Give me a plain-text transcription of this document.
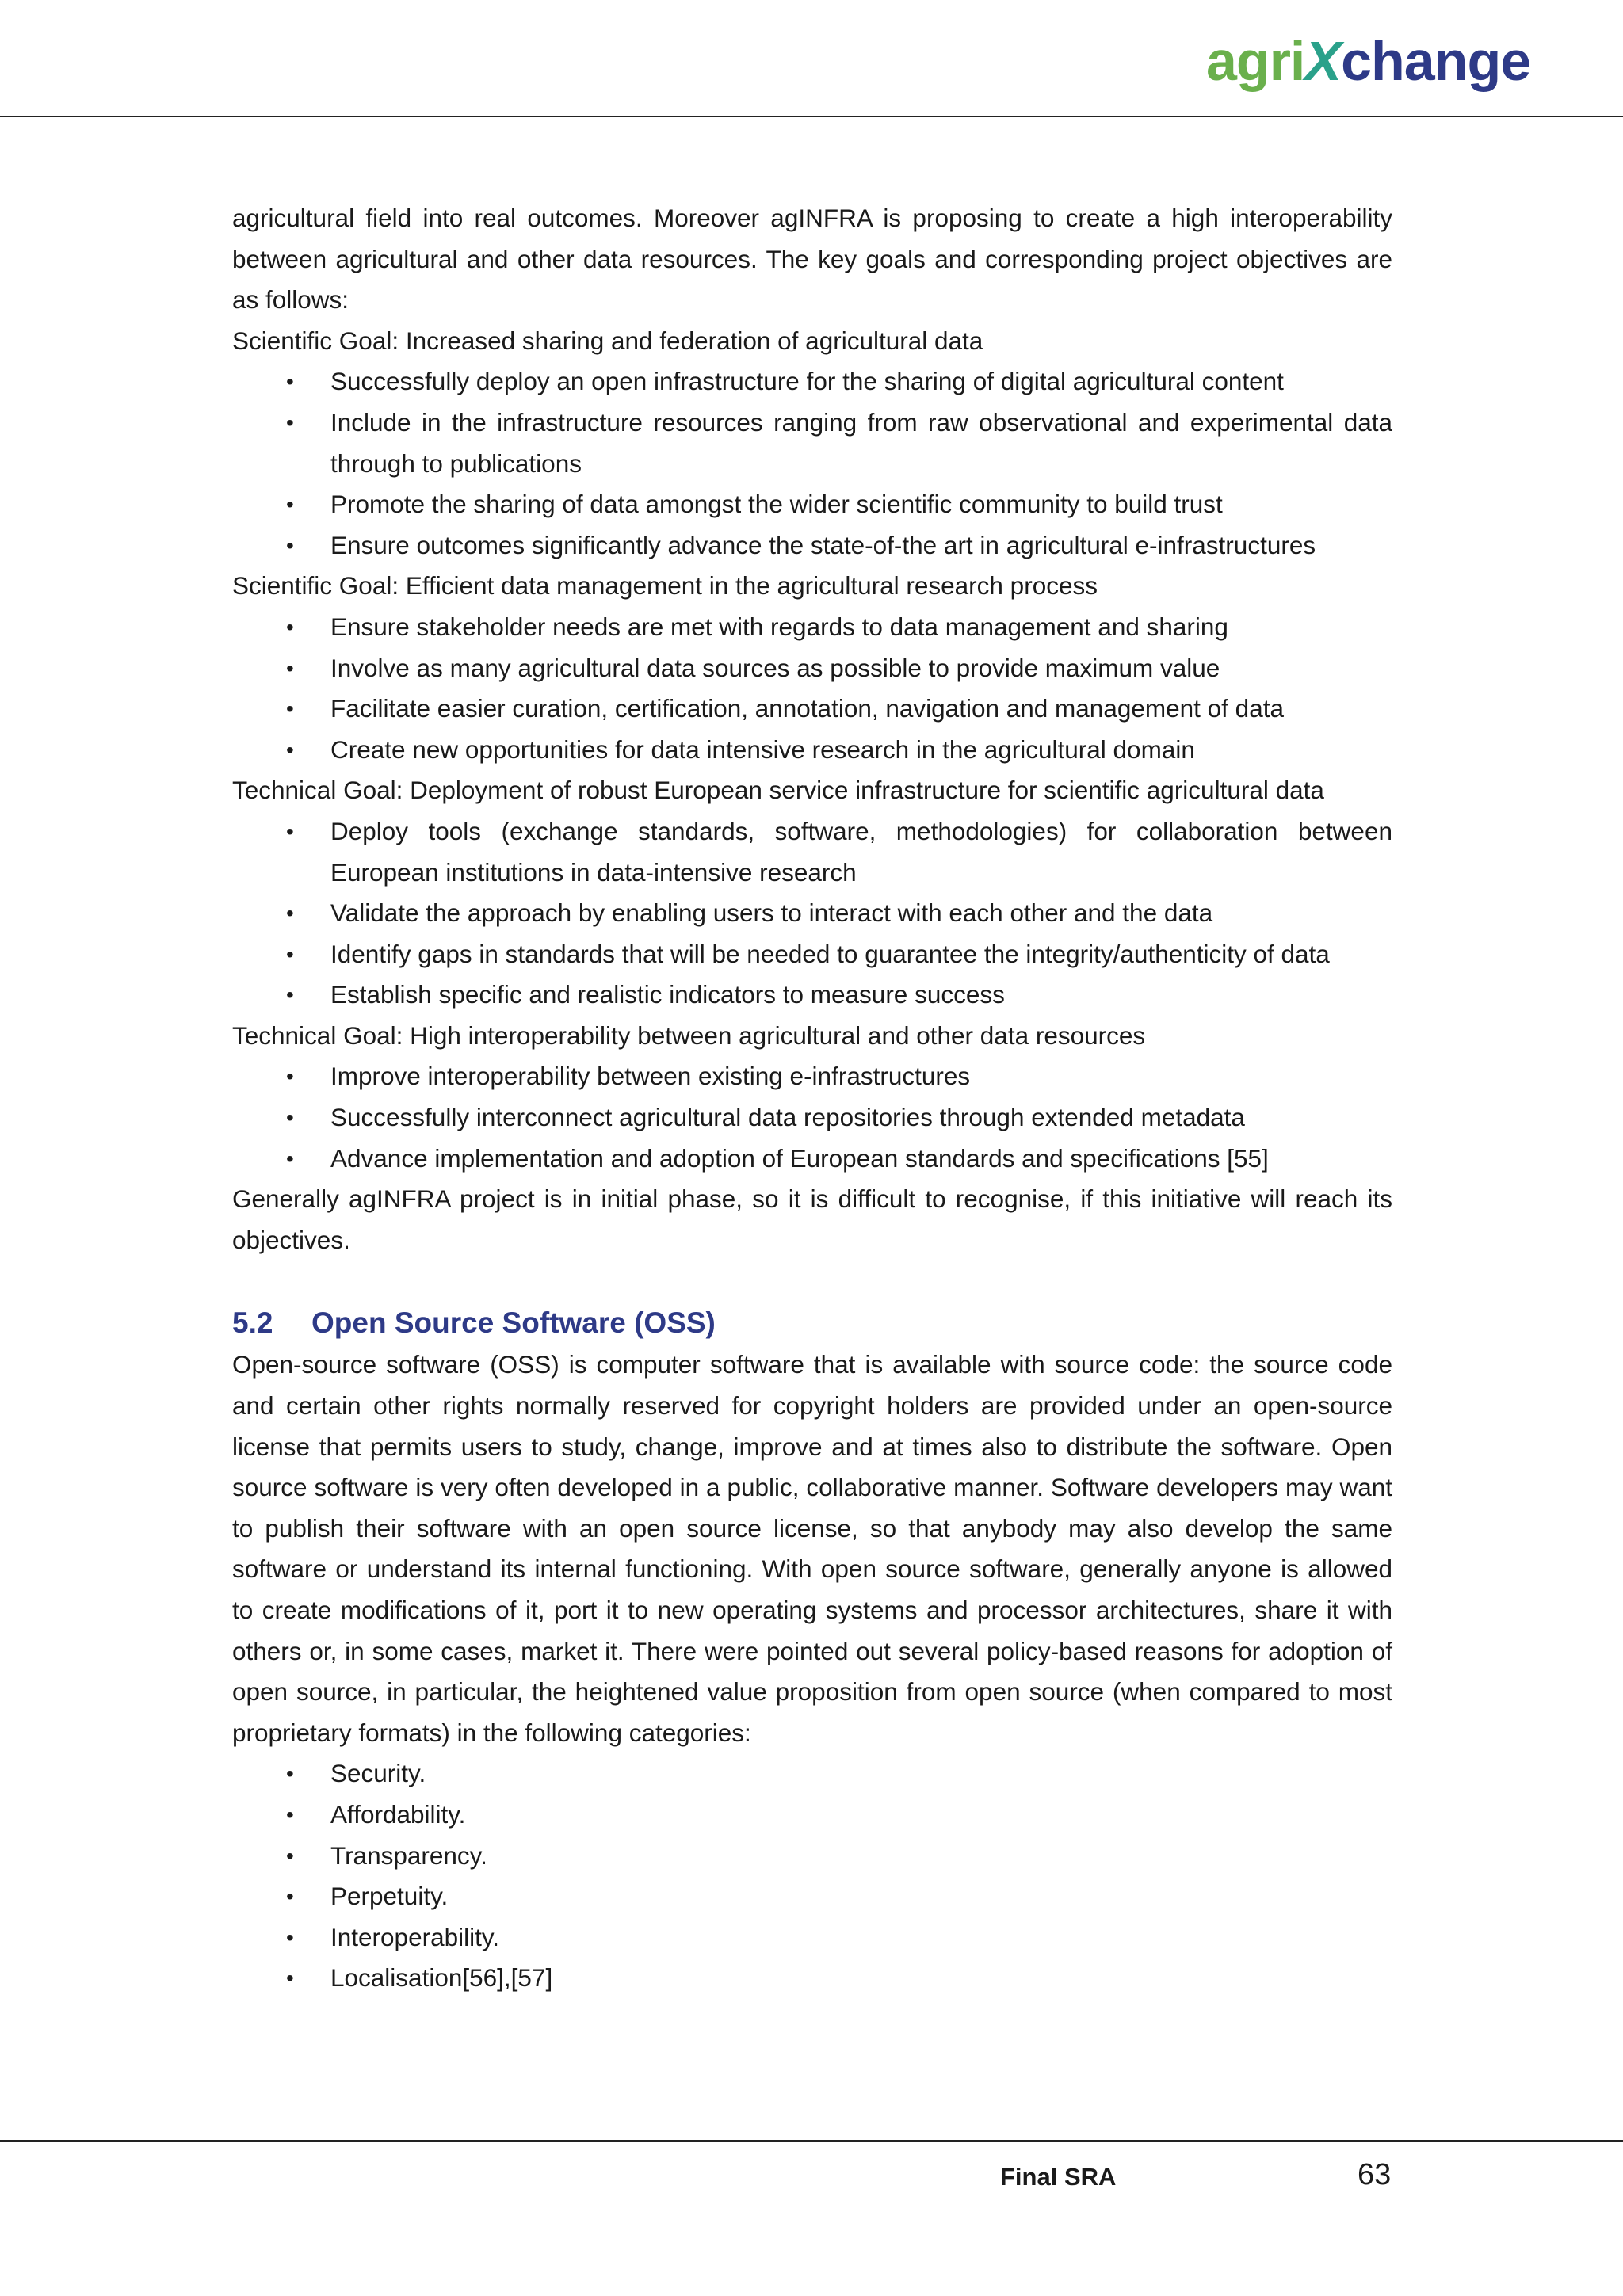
agriXchange

agricultural field into real outcomes. Moreover agINFRA is proposing to create a high interoperability between agricultural and other data resources. The key goals and corresponding project objectives are as follows:

Scientific Goal: Increased sharing and federation of agricultural data

• Successfully deploy an open infrastructure for the sharing of digital agricultural content
• Include in the infrastructure resources ranging from raw observational and experimental data through to publications
• Promote the sharing of data amongst the wider scientific community to build trust
• Ensure outcomes significantly advance the state-of-the art in agricultural e-infrastructures

Scientific Goal: Efficient data management in the agricultural research process

• Ensure stakeholder needs are met with regards to data management and sharing
• Involve as many agricultural data sources as possible to provide maximum value
• Facilitate easier curation, certification, annotation, navigation and management of data
• Create new opportunities for data intensive research in the agricultural domain

Technical Goal: Deployment of robust European service infrastructure for scientific agricultural data

• Deploy tools (exchange standards, software, methodologies) for collaboration between European institutions in data-intensive research
• Validate the approach by enabling users to interact with each other and the data
• Identify gaps in standards that will be needed to guarantee the integrity/authenticity of data
• Establish specific and realistic indicators to measure success

Technical Goal: High interoperability between agricultural and other data resources

• Improve interoperability between existing e-infrastructures
• Successfully interconnect agricultural data repositories through extended metadata
• Advance implementation and adoption of European standards and specifications [55]

Generally agINFRA project is in initial phase, so it is difficult to recognise, if this initiative will reach its objectives.

5.2 Open Source Software (OSS)

Open-source software (OSS) is computer software that is available with source code: the source code and certain other rights normally reserved for copyright holders are provided under an open-source license that permits users to study, change, improve and at times also to distribute the software. Open source software is very often developed in a public, collaborative manner. Software developers may want to publish their software with an open source license, so that anybody may also develop the same software or understand its internal functioning. With open source software, generally anyone is allowed to create modifications of it, port it to new operating systems and processor architectures, share it with others or, in some cases, market it. There were pointed out several policy-based reasons for adoption of open source, in particular, the heightened value proposition from open source (when compared to most proprietary formats) in the following categories:

• Security.
• Affordability.
• Transparency.
• Perpetuity.
• Interoperability.
• Localisation[56],[57]
Final SRA	63
